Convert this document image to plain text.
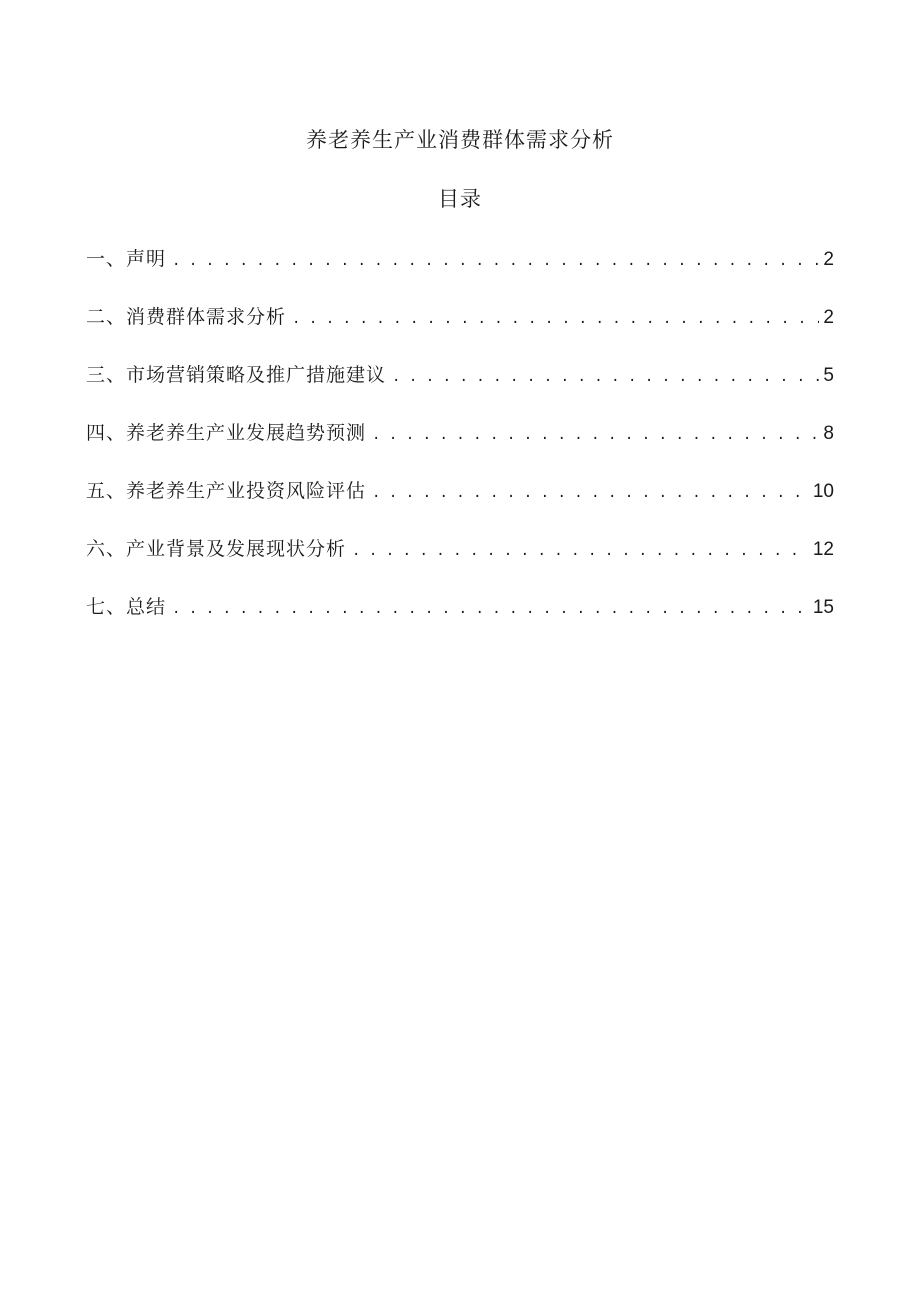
养老养生产业消费群体需求分析
目录
一、声明 . . .	2
二、消费群体需求分析 . . .	2
三、市场营销策略及推广措施建议 . . .	5
四、养老养生产业发展趋势预测 . . .	8
五、养老养生产业投资风险评估 . . .	10
六、产业背景及发展现状分析 . . .	12
七、总结 . . .	15
